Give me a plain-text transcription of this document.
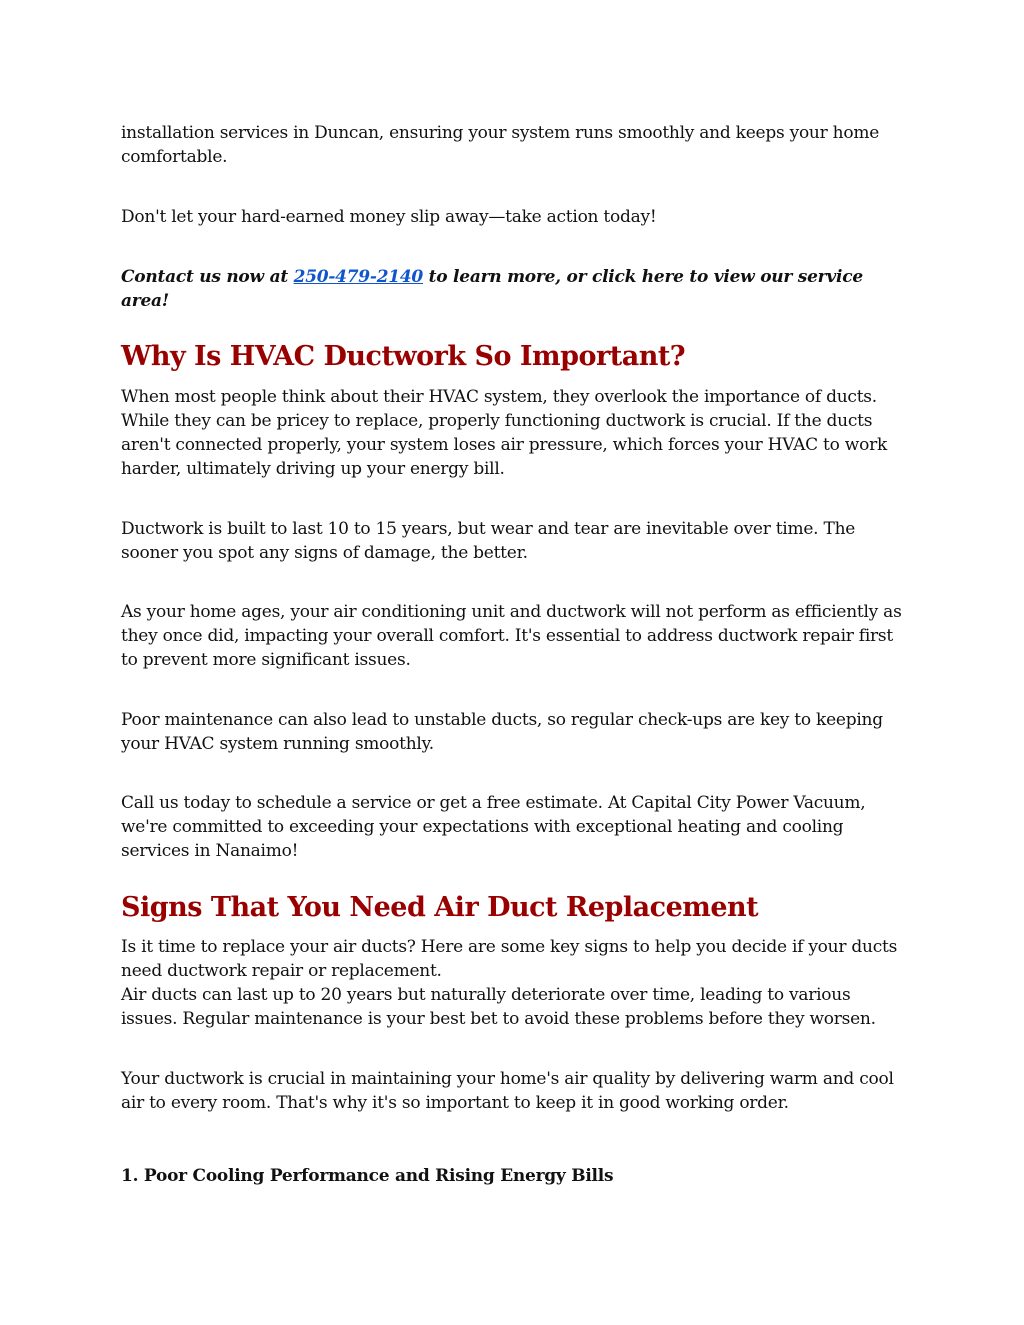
installation services in Duncan, ensuring your system runs smoothly and keeps your home comfortable.

Don't let your hard-earned money slip away—take action today!

Contact us now at 250-479-2140 to learn more, or click here to view our service area!

Why Is HVAC Ductwork So Important?

When most people think about their HVAC system, they overlook the importance of ducts. While they can be pricey to replace, properly functioning ductwork is crucial. If the ducts aren't connected properly, your system loses air pressure, which forces your HVAC to work harder, ultimately driving up your energy bill.

Ductwork is built to last 10 to 15 years, but wear and tear are inevitable over time. The sooner you spot any signs of damage, the better.

As your home ages, your air conditioning unit and ductwork will not perform as efficiently as they once did, impacting your overall comfort. It's essential to address ductwork repair first to prevent more significant issues.

Poor maintenance can also lead to unstable ducts, so regular check-ups are key to keeping your HVAC system running smoothly.

Call us today to schedule a service or get a free estimate. At Capital City Power Vacuum, we're committed to exceeding your expectations with exceptional heating and cooling services in Nanaimo!

Signs That You Need Air Duct Replacement

Is it time to replace your air ducts? Here are some key signs to help you decide if your ducts need ductwork repair or replacement.

Air ducts can last up to 20 years but naturally deteriorate over time, leading to various issues. Regular maintenance is your best bet to avoid these problems before they worsen.

Your ductwork is crucial in maintaining your home's air quality by delivering warm and cool air to every room. That's why it's so important to keep it in good working order.

1. Poor Cooling Performance and Rising Energy Bills
